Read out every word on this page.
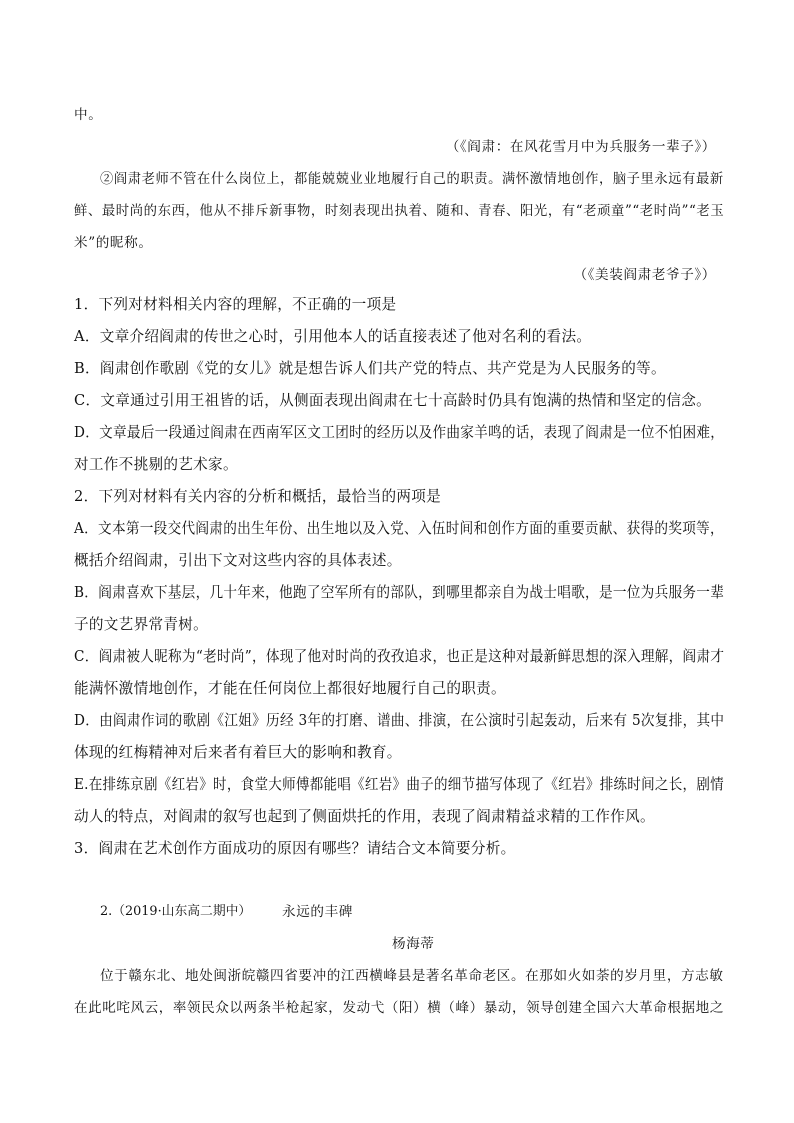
中。
（《阎肃：在风花雪月中为兵服务一辈子》）
②阎肃老师不管在什么岗位上，都能兢兢业业地履行自己的职责。满怀激情地创作，脑子里永远有最新
鲜、最时尚的东西，他从不排斥新事物，时刻表现出执着、随和、青春、阳光，有“老顽童”“老时尚”“老玉
米”的昵称。
（《美装阎肃老爷子》）
1．下列对材料相关内容的理解，不正确的一项是
A．文章介绍阎肃的传世之心时，引用他本人的话直接表述了他对名利的看法。
B．阎肃创作歌剧《党的女儿》就是想告诉人们共产党的特点、共产党是为人民服务的等。
C．文章通过引用王祖皆的话，从侧面表现出阎肃在七十高龄时仍具有饱满的热情和坚定的信念。
D．文章最后一段通过阎肃在西南军区文工团时的经历以及作曲家羊鸣的话，表现了阎肃是一位不怕困难，
对工作不挑剔的艺术家。
2．下列对材料有关内容的分析和概括，最恰当的两项是
A．文本第一段交代阎肃的出生年份、出生地以及入党、入伍时间和创作方面的重要贡献、获得的奖项等，
概括介绍阎肃，引出下文对这些内容的具体表述。
B．阎肃喜欢下基层，几十年来，他跑了空军所有的部队，到哪里都亲自为战士唱歌，是一位为兵服务一辈
子的文艺界常青树。
C．阎肃被人昵称为“老时尚”，体现了他对时尚的孜孜追求，也正是这种对最新鲜思想的深入理解，阎肃才
能满怀激情地创作，才能在任何岗位上都很好地履行自己的职责。
D．由阎肃作词的歌剧《江姐》历经 3年的打磨、谱曲、排演，在公演时引起轰动，后来有 5次复排，其中
体现的红梅精神对后来者有着巨大的影响和教育。
E.在排练京剧《红岩》时，食堂大师傅都能唱《红岩》曲子的细节描写体现了《红岩》排练时间之长，剧情
动人的特点，对阎肃的叙写也起到了侧面烘托的作用，表现了阎肃精益求精的工作作风。
3．阎肃在艺术创作方面成功的原因有哪些？请结合文本简要分析。
2.（2019·山东高二期中） 永远的丰碑
杨海蒂
位于赣东北、地处闽浙皖赣四省要冲的江西横峰县是著名革命老区。在那如火如荼的岁月里，方志敏
在此叱咤风云，率领民众以两条半枪起家，发动弋（阳）横（峰）暴动，领导创建全国六大革命根据地之
